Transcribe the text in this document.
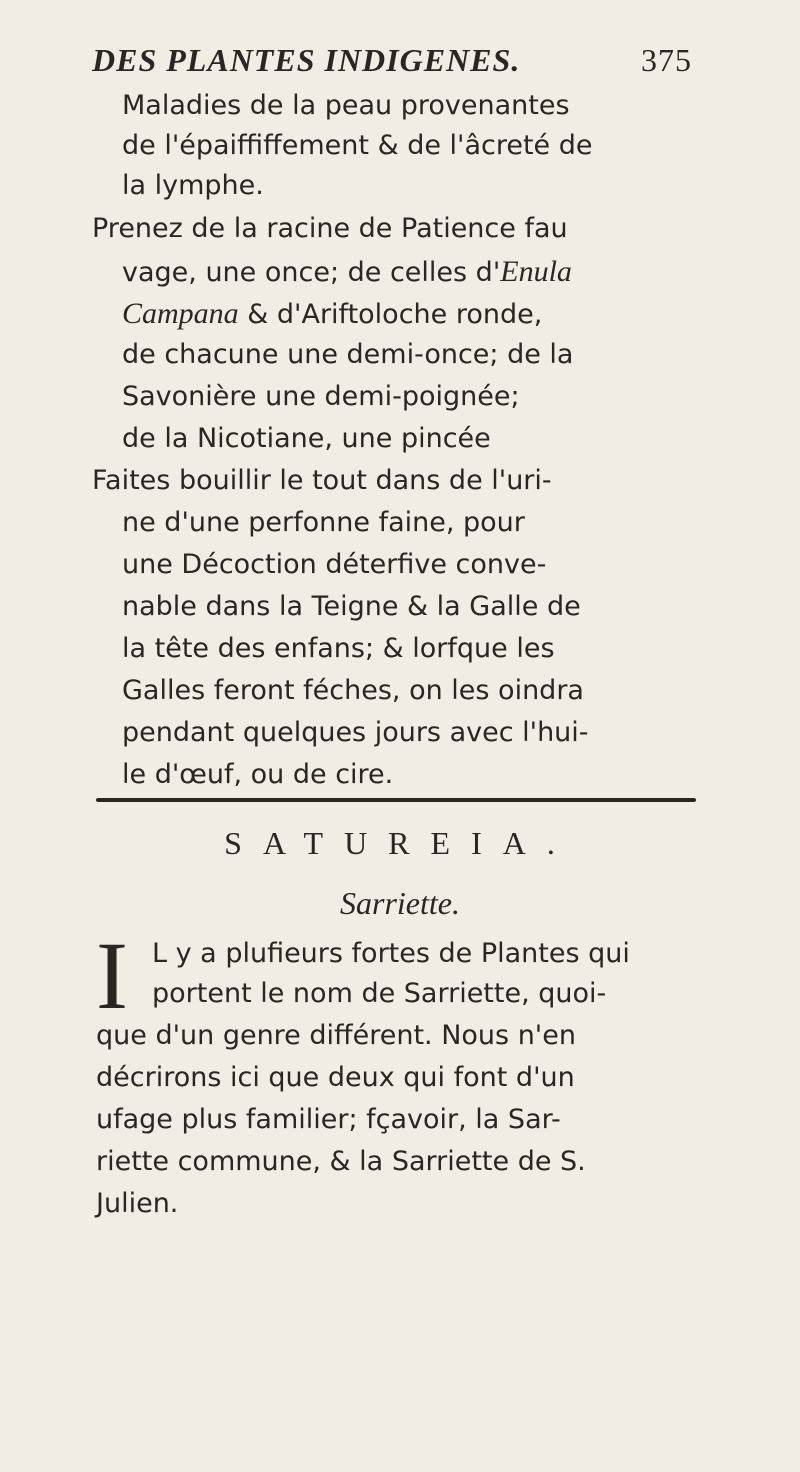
DES PLANTES INDIGENES.	375
Maladies de la peau provenantes
de l'épaiffiffement & de l'âcreté de
la lymphe.
Prenez de la racine de Patience fau
vage, une once; de celles d'Enula
Campana & d'Ariftoloche ronde,
de chacune une demi-once; de la
Savonière une demi-poignée;
de la Nicotiane, une pincée
Faites bouillir le tout dans de l'uri-
ne d'une perfonne faine, pour
une Décoction déterfive conve-
nable dans la Teigne & la Galle de
la tête des enfans; & lorfque les
Galles feront féches, on les oindra
pendant quelques jours avec l'hui-
le d'œuf, ou de cire.
SATUREIA.
Sarriette.
I L y a plufieurs fortes de Plantes qui
portent le nom de Sarriette, quoi-
que d'un genre différent. Nous n'en
décrirons ici que deux qui font d'un
ufage plus familier; fçavoir, la Sar-
riette commune, & la Sarriette de S.
Julien.
